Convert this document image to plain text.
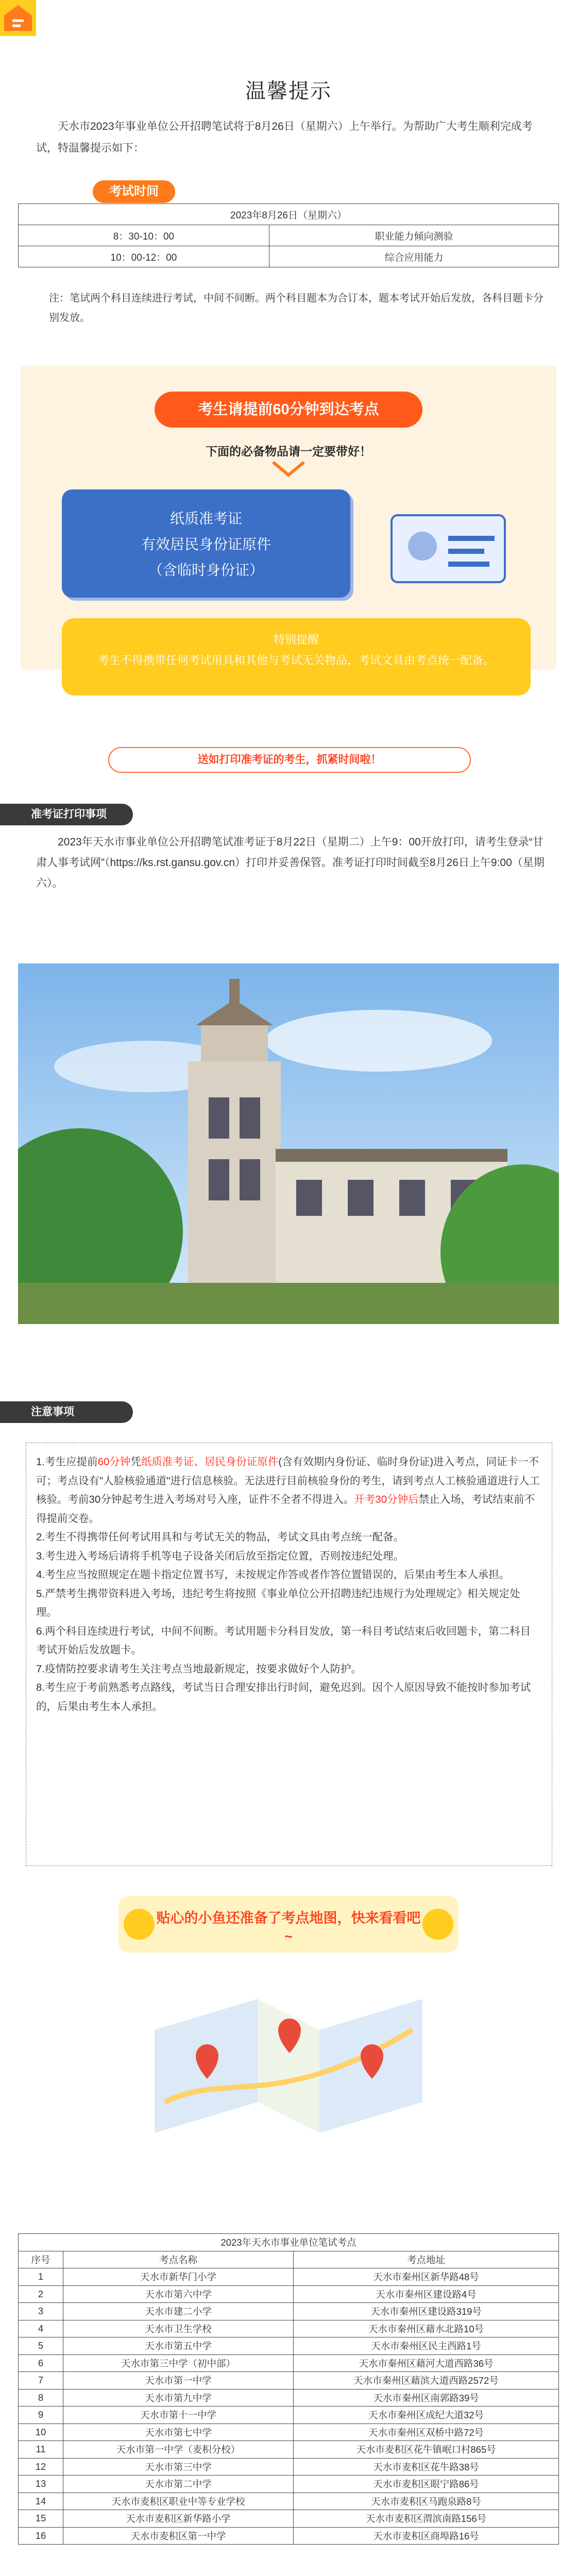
温馨提示
天水市2023年事业单位公开招聘笔试将于8月26日（星期六）上午举行。为帮助广大考生顺利完成考试，特温馨提示如下：
考试时间
2023年8月26日（星期六）	
8：30-10：00	职业能力倾向测验
10：00-12：00	综合应用能力
注：笔试两个科目连续进行考试，中间不间断。两个科目题本为合订本，题本考试开始后发放，各科目题卡分别发放。
考生请提前60分钟到达考点
下面的必备物品请一定要带好！
纸质准考证
有效居民身份证原件
（含临时身份证）
特别提醒
考生不得携带任何考试用具和其他与考试无关物品，考试文具由考点统一配备。
送如打印准考证的考生，抓紧时间啦！
准考证打印事项
2023年天水市事业单位公开招聘笔试准考证于8月22日（星期二）上午9：00开放打印，请考生登录“甘肃人事考试网”（https://ks.rst.gansu.gov.cn）打印并妥善保管。准考证打印时间截至8月26日上午9:00（星期六）。
注意事项
1.考生应提前60分钟凭纸质准考证、居民身份证原件(含有效期内身份证、临时身份证)进入考点，同证卡一不可；考点设有"人脸核验通道"进行信息核验。无法进行目前核验身份的考生，请到考点人工核验通道进行人工核验。考前30分钟起考生进入考场对号入座，证件不全者不得进入。开考30分钟后禁止入场，考试结束前不得提前交卷。
2.考生不得携带任何考试用具和与考试无关的物品，考试文具由考点统一配备。
3.考生进入考场后请将手机等电子设备关闭后放至指定位置，否则按违纪处理。
4.考生应当按照规定在题卡指定位置书写，未按规定作答或者作答位置错误的，后果由考生本人承担。
5.严禁考生携带资料进入考场，违纪考生将按照《事业单位公开招聘违纪违规行为处理规定》相关规定处理。
6.两个科目连续进行考试，中间不间断。考试用题卡分科目发放，第一科目考试结束后收回题卡，第二科目考试开始后发放题卡。
7.疫情防控要求请考生关注考点当地最新规定，按要求做好个人防护。
8.考生应于考前熟悉考点路线，考试当日合理安排出行时间，避免迟到。因个人原因导致不能按时参加考试的，后果由考生本人承担。
贴心的小鱼还准备了考点地图，快来看看吧~
2023年天水市事业单位笔试考点		
序号	考点名称	考点地址
1	天水市新华门小学	天水市秦州区新华路48号
2	天水市第六中学	天水市秦州区建设路4号
3	天水市建二小学	天水市秦州区建设路319号
4	天水市卫生学校	天水市秦州区藉水北路10号
5	天水市第五中学	天水市秦州区民主西路1号
6	天水市第三中学（初中部）	天水市秦州区藉河大道西路36号
7	天水市第一中学	天水市秦州区藉滨大道西路2572号
8	天水市第九中学	天水市秦州区南郭路39号
9	天水市第十一中学	天水市秦州区成纪大道32号
10	天水市第七中学	天水市秦州区双桥中路72号
11	天水市第一中学（麦积分校）	天水市麦积区花牛镇岷口村865号
12	天水市第三中学	天水市麦积区花牛路38号
13	天水市第二中学	天水市麦积区眼宁路86号
14	天水市麦积区职业中等专业学校	天水市麦积区马跑泉路8号
15	天水市麦积区新华路小学	天水市麦积区渭滨南路156号
16	天水市麦积区第一中学	天水市麦积区商埠路16号
